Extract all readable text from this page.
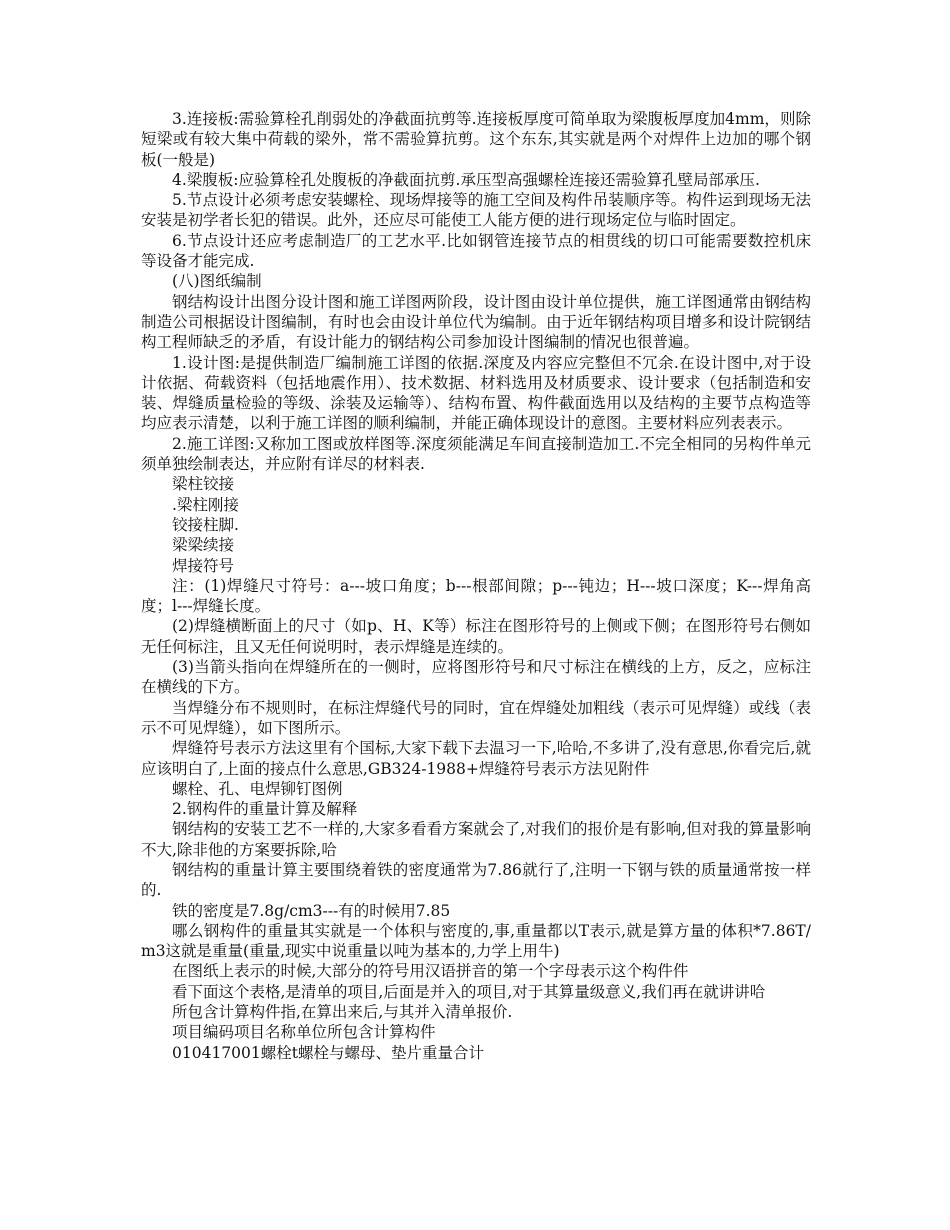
3.连接板:需验算栓孔削弱处的净截面抗剪等.连接板厚度可简单取为梁腹板厚度加4mm，则除短梁或有较大集中荷载的梁外，常不需验算抗剪。这个东东,其实就是两个对焊件上边加的哪个钢板(一般是)

4.梁腹板:应验算栓孔处腹板的净截面抗剪.承压型高强螺栓连接还需验算孔壁局部承压.

5.节点设计必须考虑安装螺栓、现场焊接等的施工空间及构件吊装顺序等。构件运到现场无法安装是初学者长犯的错误。此外，还应尽可能使工人能方便的进行现场定位与临时固定。

6.节点设计还应考虑制造厂的工艺水平.比如钢管连接节点的相贯线的切口可能需要数控机床等设备才能完成.

(八)图纸编制

钢结构设计出图分设计图和施工详图两阶段，设计图由设计单位提供，施工详图通常由钢结构制造公司根据设计图编制，有时也会由设计单位代为编制。由于近年钢结构项目增多和设计院钢结构工程师缺乏的矛盾，有设计能力的钢结构公司参加设计图编制的情况也很普遍。

1.设计图:是提供制造厂编制施工详图的依据.深度及内容应完整但不冗余.在设计图中,对于设计依据、荷载资料（包括地震作用）、技术数据、材料选用及材质要求、设计要求（包括制造和安装、焊缝质量检验的等级、涂装及运输等）、结构布置、构件截面选用以及结构的主要节点构造等均应表示清楚，以利于施工详图的顺利编制，并能正确体现设计的意图。主要材料应列表表示。

2.施工详图:又称加工图或放样图等.深度须能满足车间直接制造加工.不完全相同的另构件单元须单独绘制表达，并应附有详尽的材料表.

梁柱铰接

.梁柱刚接

铰接柱脚.

梁梁续接

焊接符号

注：(1)焊缝尺寸符号：a---坡口角度；b---根部间隙；p---钝边；H---坡口深度；K---焊角高度；l---焊缝长度。

(2)焊缝横断面上的尺寸（如p、H、K等）标注在图形符号的上侧或下侧；在图形符号右侧如无任何标注，且又无任何说明时，表示焊缝是连续的。

(3)当箭头指向在焊缝所在的一侧时，应将图形符号和尺寸标注在横线的上方，反之，应标注在横线的下方。

当焊缝分布不规则时，在标注焊缝代号的同时，宜在焊缝处加粗线（表示可见焊缝）或线（表示不可见焊缝），如下图所示。

焊缝符号表示方法这里有个国标,大家下载下去温习一下,哈哈,不多讲了,没有意思,你看完后,就应该明白了,上面的接点什么意思,GB324-1988+焊缝符号表示方法见附件

螺栓、孔、电焊铆钉图例

2.钢构件的重量计算及解释

钢结构的安装工艺不一样的,大家多看看方案就会了,对我们的报价是有影响,但对我的算量影响不大,除非他的方案要拆除,哈

钢结构的重量计算主要围绕着铁的密度通常为7.86就行了,注明一下钢与铁的质量通常按一样的.

铁的密度是7.8g/cm3---有的时候用7.85

哪么钢构件的重量其实就是一个体积与密度的,事,重量都以T表示,就是算方量的体积*7.86T/m3这就是重量(重量,现实中说重量以吨为基本的,力学上用牛)

在图纸上表示的时候,大部分的符号用汉语拼音的第一个字母表示这个构件件

看下面这个表格,是清单的项目,后面是并入的项目,对于其算量级意义,我们再在就讲讲哈

所包含计算构件指,在算出来后,与其并入清单报价.

项目编码项目名称单位所包含计算构件

010417001螺栓t螺栓与螺母、垫片重量合计
